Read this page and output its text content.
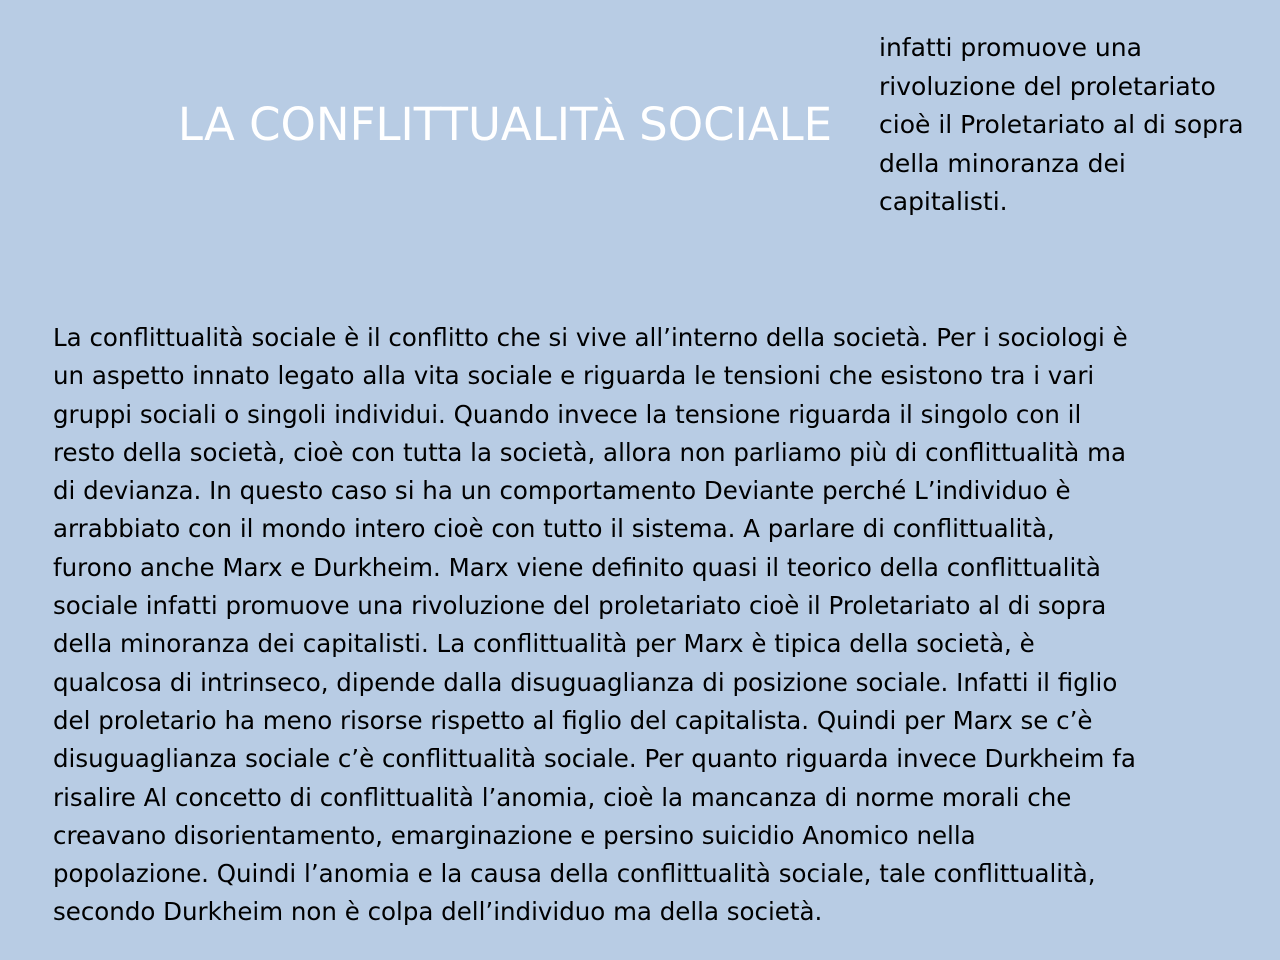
LA CONFLITTUALITÀ SOCIALE

infatti promuove una
rivoluzione del proletariato
cioè il Proletariato al di sopra
della minoranza dei
capitalisti.

La conflittualità sociale è il conflitto che si vive all’interno della società. Per i sociologi è
un aspetto innato legato alla vita sociale e riguarda le tensioni che esistono tra i vari
gruppi sociali o singoli individui. Quando invece la tensione riguarda il singolo con il
resto della società, cioè con tutta la società, allora non parliamo più di conflittualità ma
di devianza. In questo caso si ha un comportamento Deviante perché L’individuo è
arrabbiato con il mondo intero cioè con tutto il sistema. A parlare di conflittualità,
furono anche Marx e Durkheim. Marx viene definito quasi il teorico della conflittualità
sociale infatti promuove una rivoluzione del proletariato cioè il Proletariato al di sopra
della minoranza dei capitalisti. La conflittualità per Marx è tipica della società, è
qualcosa di intrinseco, dipende dalla disuguaglianza di posizione sociale. Infatti il figlio
del proletario ha meno risorse rispetto al figlio del capitalista. Quindi per Marx se c’è
disuguaglianza sociale c’è conflittualità sociale. Per quanto riguarda invece Durkheim fa
risalire Al concetto di conflittualità l’anomia, cioè la mancanza di norme morali che
creavano disorientamento, emarginazione e persino suicidio Anomico nella
popolazione. Quindi l’anomia e la causa della conflittualità sociale, tale conflittualità,
secondo Durkheim non è colpa dell’individuo ma della società.
